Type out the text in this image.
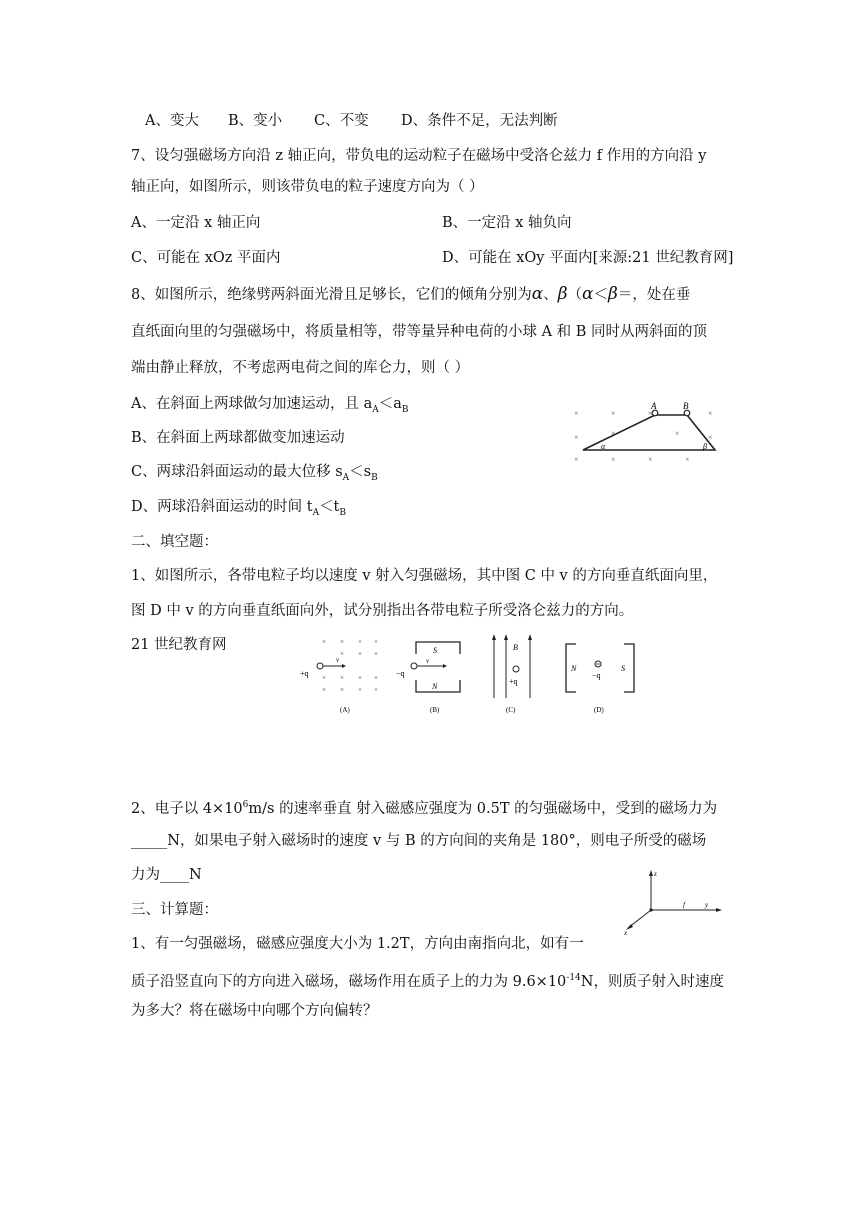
A、变大 B、变小 C、不变 D、条件不足，无法判断
7、设匀强磁场方向沿 z 轴正向，带负电的运动粒子在磁场中受洛仑兹力 f 作用的方向沿 y
轴正向，如图所示，则该带负电的粒子速度方向为（ ）
A、一定沿 x 轴正向	B、一定沿 x 轴负向
C、可能在 xOz 平面内	D、可能在 xOy 平面内[来源:21 世纪教育网]
8、如图所示，绝缘劈两斜面光滑且足够长，它们的倾角分别为α、β（α＜β＝，处在垂
直纸面向里的匀强磁场中，将质量相等，带等量异种电荷的小球 A 和 B 同时从两斜面的顶
端由静止释放，不考虑两电荷之间的库仑力，则（ ）
A、在斜面上两球做匀加速运动，且 $a_A<a_B$
B、在斜面上两球都做变加速运动
C、两球沿斜面运动的最大位移 $s_A<s_B$
D、两球沿斜面运动的时间 $t_A<t_B$
×	×	×	×
×	×	×	×
×	×	×	×
A	B
α	β
二、填空题：
1、如图所示，各带电粒子均以速度 v 射入匀强磁场，其中图 C 中 v 的方向垂直纸面向里，
图 D 中 v 的方向垂直纸面向外，试分别指出各带电粒子所受洛仑兹力的方向。
21 世纪教育网	× × × ×
× × ×
× × × ×
× × × ×
v
+q
(A)
S
N
v
−q
(B)
B
+q
(C)
N	S
−q
(D)
2、电子以 $4\times 10^6m/s$ 的速率垂直 射入磁感应强度为 0.5T 的匀强磁场中，受到的磁场力为
_____N，如果电子射入磁场时的速度 v 与 B 的方向间的夹角是 180°，则电子所受的磁场
力为____N	z
y
x
f
三、计算题：
1、有一匀强磁场，磁感应强度大小为 1.2T，方向由南指向北，如有一
质子沿竖直向下的方向进入磁场，磁场作用在质子上的力为 $9.6\times 10^{-14}N$，则质子射入时速度
为多大？将在磁场中向哪个方向偏转？
